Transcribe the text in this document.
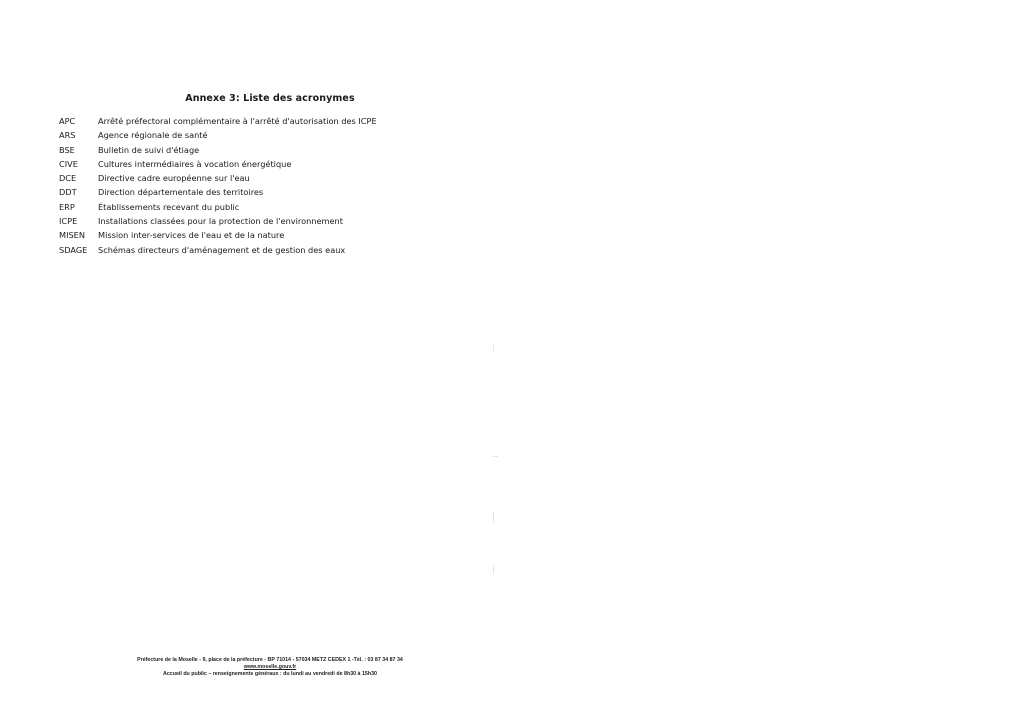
Annexe 3: Liste des acronymes
APC	Arrêté préfectoral complémentaire à l'arrêté d'autorisation des ICPE
ARS	Agence régionale de santé
BSE	Bulletin de suivi d'étiage
CIVE	Cultures intermédiaires à vocation énergétique
DCE	Directive cadre européenne sur l'eau
DDT	Direction départementale des territoires
ERP	Établissements recevant du public
ICPE	Installations classées pour la protection de l'environnement
MISEN	Mission inter-services de l'eau et de la nature
SDAGE	Schémas directeurs d'aménagement et de gestion des eaux
Préfecture de la Moselle - 9, place de la préfecture - BP 71014 - 57034 METZ CEDEX 1 -Tél. : 03 87 34 87 34
www.moselle.gouv.fr
Accueil du public – renseignements généraux : du lundi au vendredi de 8h30 à 15h30
